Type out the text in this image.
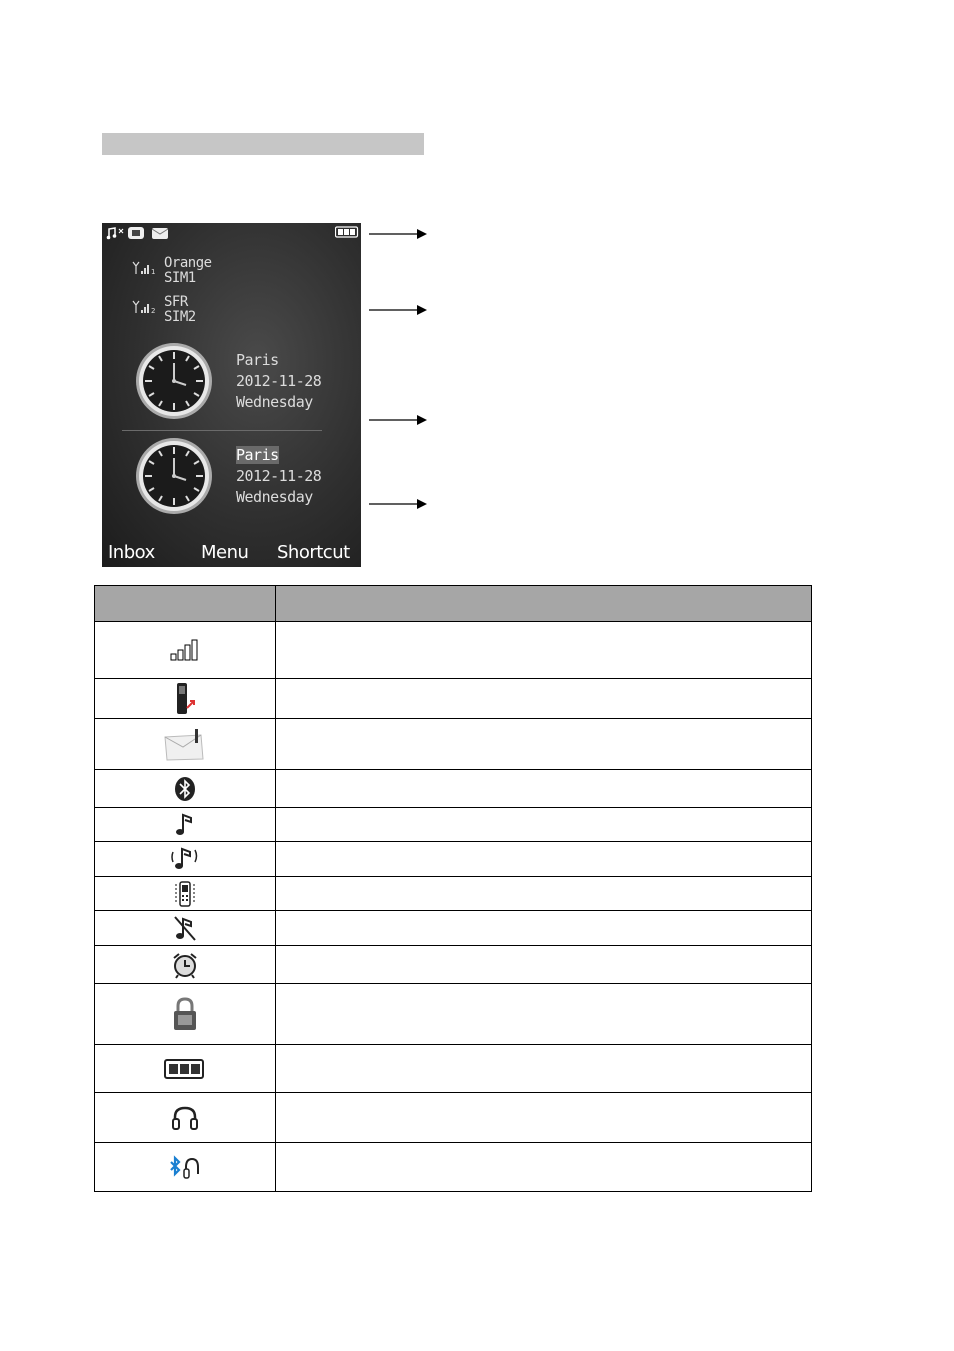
1
Orange
SIM1
2
SFR
SIM2
Paris
2012-11-28
Wednesday
Paris
2012-11-28
Wednesday
Inbox	Menu Shortcut
